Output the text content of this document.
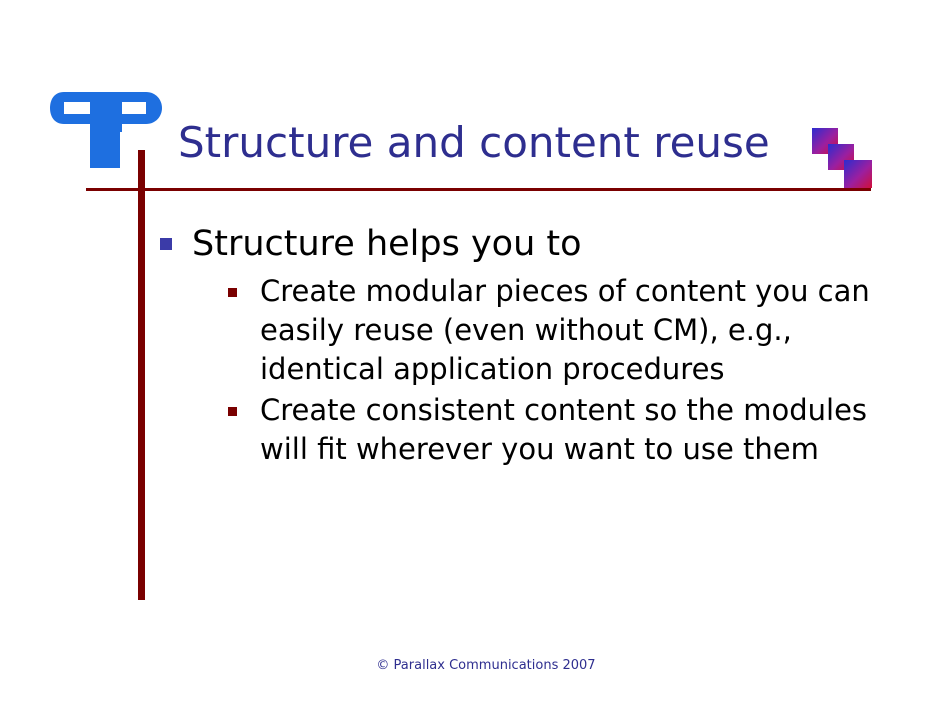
Structure and content reuse
Structure helps you to
Create modular pieces of content you can
easily reuse (even without CM), e.g.,
identical application procedures
Create consistent content so the modules
will fit wherever you want to use them
© Parallax Communications 2007
